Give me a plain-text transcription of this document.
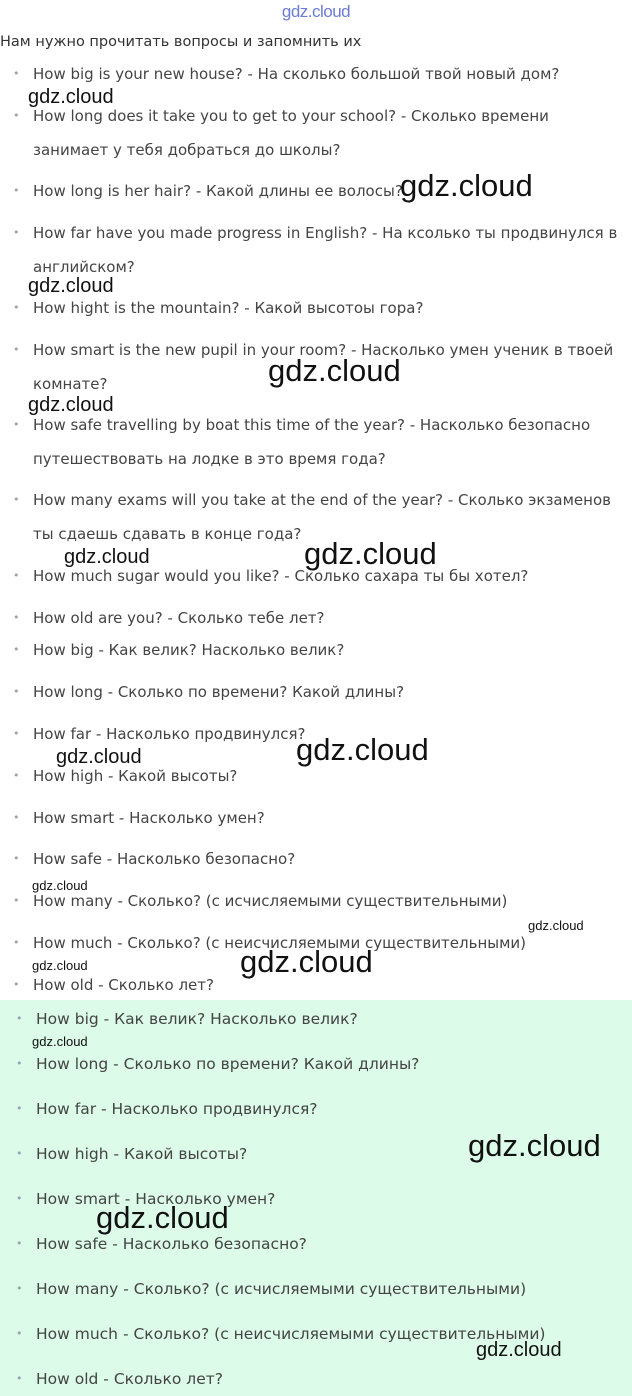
gdz.cloud
Нам нужно прочитать вопросы и запомнить их
• How big is your new house? - На сколько большой твой новый дом?
• How long does it take you to get to your school? - Сколько времени
занимает у тебя добраться до школы?
• How long is her hair? - Какой длины ее волосы?
• How far have you made progress in English? - На ксолько ты продвинулся в
английском?
• How hight is the mountain? - Какой высотоы гора?
• How smart is the new pupil in your room? - Насколько умен ученик в твоей
комнате?
• How safe travelling by boat this time of the year? - Насколько безопасно
путешествовать на лодке в это время года?
• How many exams will you take at the end of the year? - Сколько экзаменов
ты сдаешь сдавать в конце года?
• How much sugar would you like? - Сколько сахара ты бы хотел?
• How old are you? - Сколько тебе лет?
• How big - Как велик? Насколько велик?
• How long - Сколько по времени? Какой длины?
• How far - Насколько продвинулся?
• How high - Какой высоты?
• How smart - Насколько умен?
• How safe - Насколько безопасно?
• How many - Сколько? (с исчисляемыми существительными)
• How much - Сколько? (с неисчисляемыми существительными)
• How old - Сколько лет?
• How big - Как велик? Насколько велик?
• How long - Сколько по времени? Какой длины?
• How far - Насколько продвинулся?
• How high - Какой высоты?
• How smart - Насколько умен?
• How safe - Насколько безопасно?
• How many - Сколько? (с исчисляемыми существительными)
• How much - Сколько? (с неисчисляемыми существительными)
• How old - Сколько лет?
gdz.cloud
gdz.cloud
gdz.cloud
gdz.cloud
gdz.cloud
gdz.cloud	gdz.cloud
gdz.cloud	gdz.cloud
gdz.cloud
gdz.cloud
gdz.cloud	gdz.cloud
gdz.cloud
gdz.cloud
gdz.cloud
gdz.cloud
